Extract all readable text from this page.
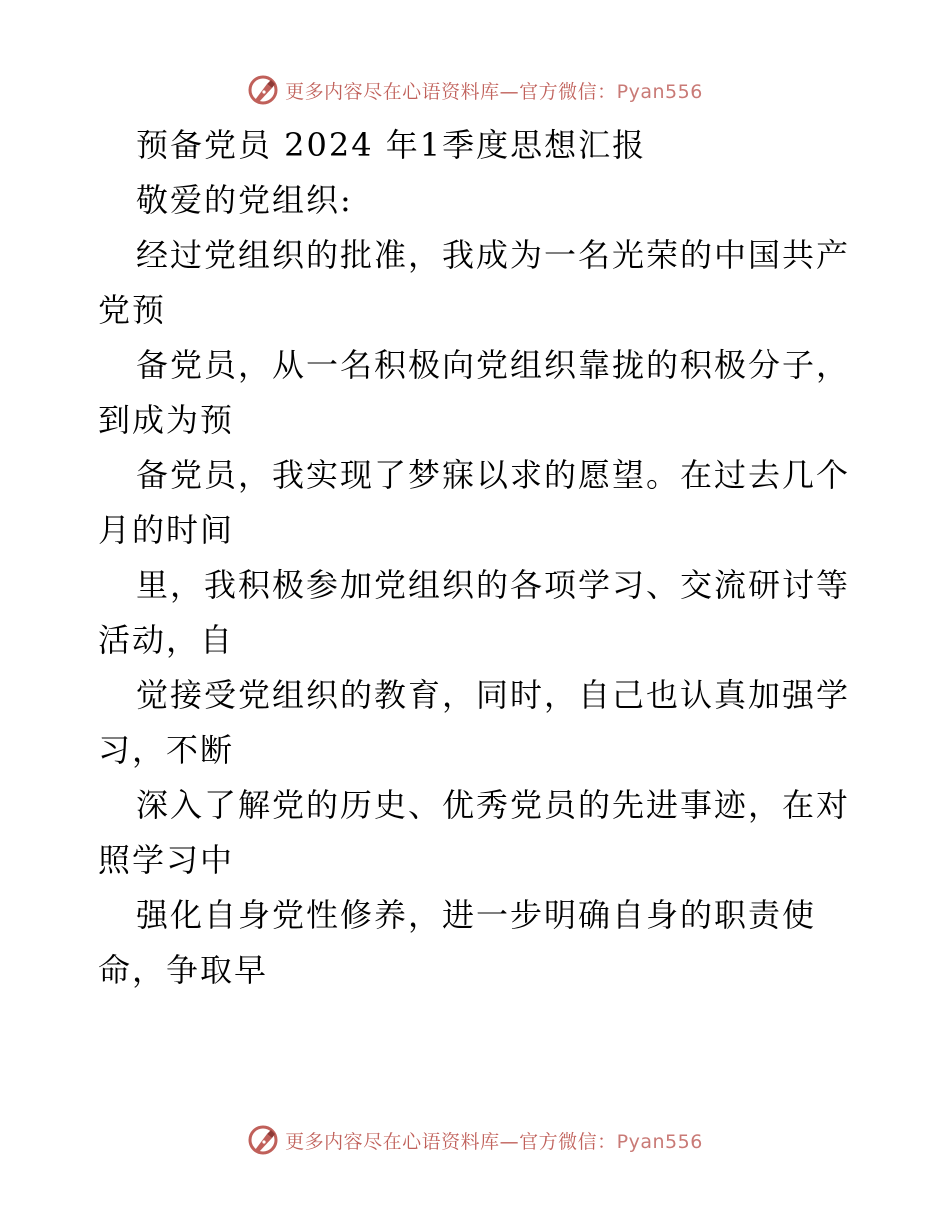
更多内容尽在心语资料库—官方微信：Pyan556
预备党员 2024 年1季度思想汇报
敬爱的党组织:
经过党组织的批准，我成为一名光荣的中国共产
党预
备党员，从一名积极向党组织靠拢的积极分子，
到成为预
备党员，我实现了梦寐以求的愿望。在过去几个
月的时间
里，我积极参加党组织的各项学习、交流研讨等
活动，自
觉接受党组织的教育，同时，自己也认真加强学
习，不断
深入了解党的历史、优秀党员的先进事迹，在对
照学习中
强化自身党性修养，进一步明确自身的职责使
命，争取早
更多内容尽在心语资料库—官方微信：Pyan556
